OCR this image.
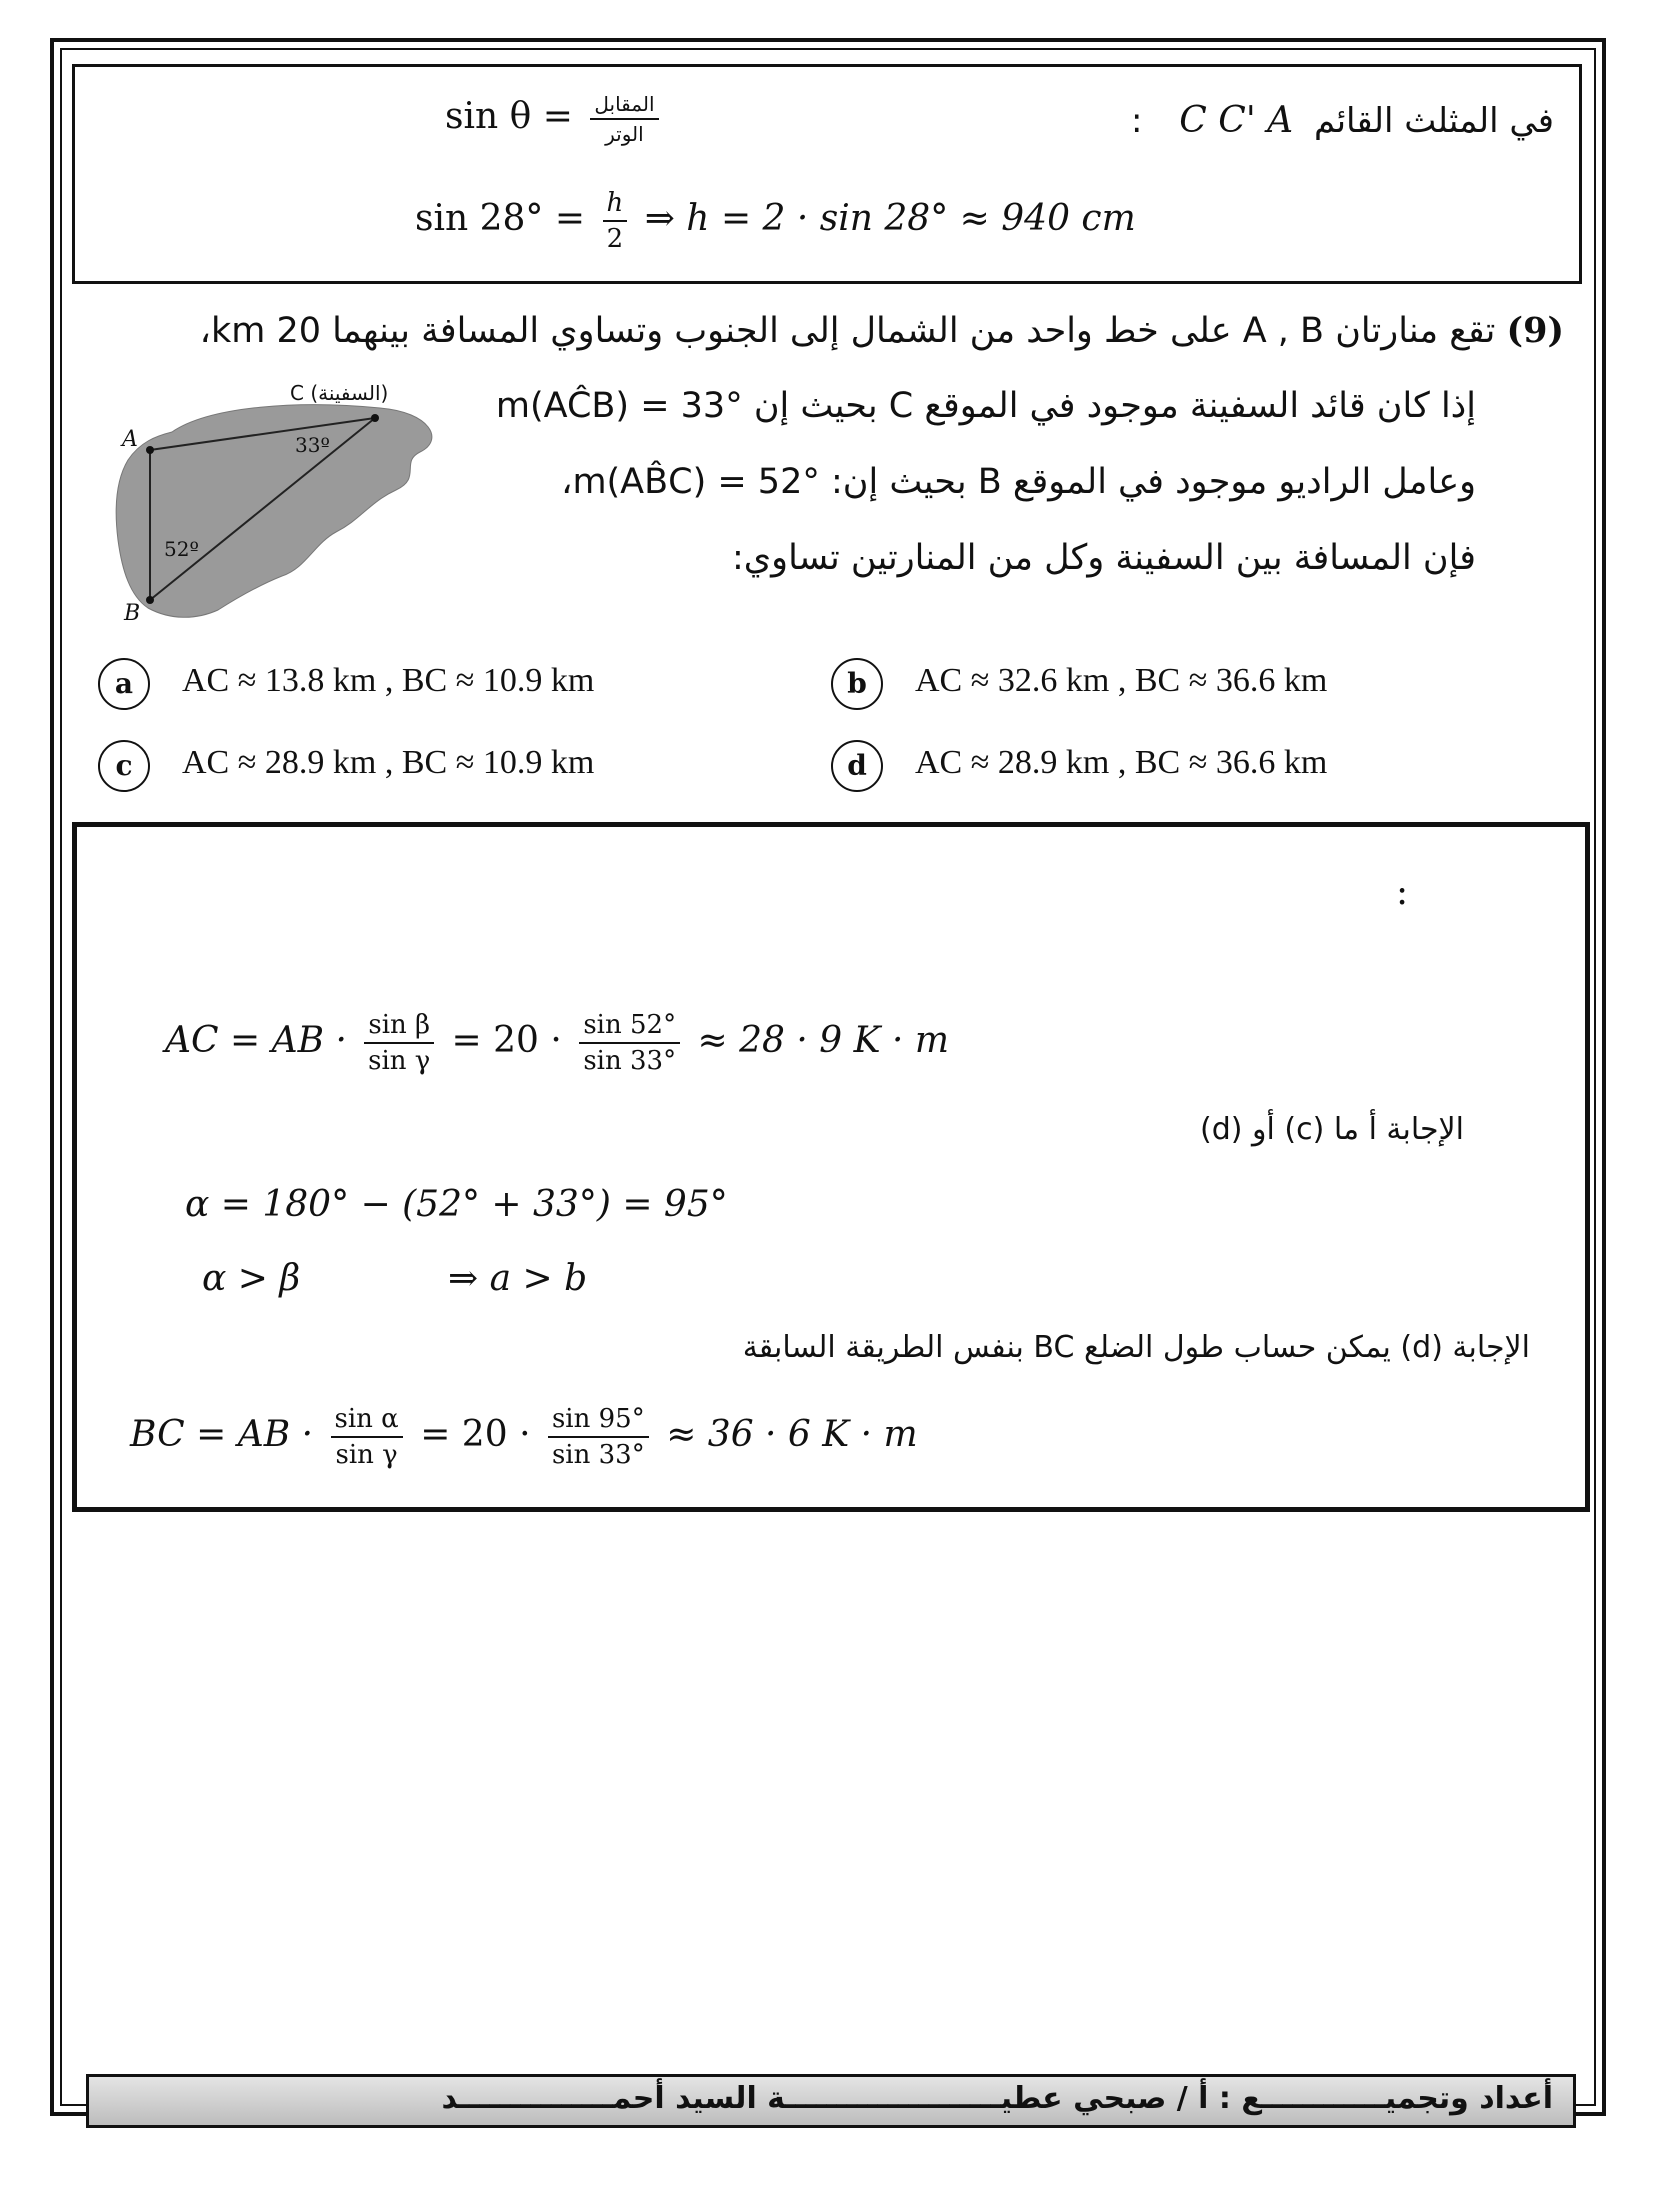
في المثلث القائم C C' A :
$\sin \theta = \frac{\text{المقابل}}{\text{الوتر}}$
$\sin 28^\circ = \frac{h}{2}$ ⇒ h = 2 · sin 28° ≈ 940 cm
(9) تقع منارتان A , B على خط واحد من الشمال إلى الجنوب وتساوي المسافة بينهما 20 km،
إذا كان قائد السفينة موجود في الموقع C بحيث إن m(AĈB) = 33°
وعامل الراديو موجود في الموقع B بحيث إن: m(AB̂C) = 52°،
فإن المسافة بين السفينة وكل من المنارتين تساوي:
C (السفينة)
A
B
33º
52º
a	AC ≈ 13.8 km , BC ≈ 10.9 km	b	AC ≈ 32.6 km , BC ≈ 36.6 km
c	AC ≈ 28.9 km , BC ≈ 10.9 km	d	AC ≈ 28.9 km , BC ≈ 36.6 km
:
AC = AB · $\frac{\text{sin β}}{\text{sin γ}} = 20 \cdot \frac{\sin 52^\circ}{\sin 33^\circ} \approx 28 \cdot 9$ K · m
الإجابة أ ما (c) أو (d)
α = 180° − (52° + 33°) = 95°
α > β	⇒ a > b
الإجابة (d) يمكن حساب طول الضلع BC بنفس الطريقة السابقة
BC = AB · $\frac{\text{sin α}}{\text{sin γ}} = 20 \cdot \frac{\sin 95^\circ}{\sin 33^\circ} \approx 36 \cdot 6$ K · m
أعداد وتجميــــــــــــع : أ / صبحي عطيـــــــــــــــــــــة السيد أحمـــــــــــــــد
